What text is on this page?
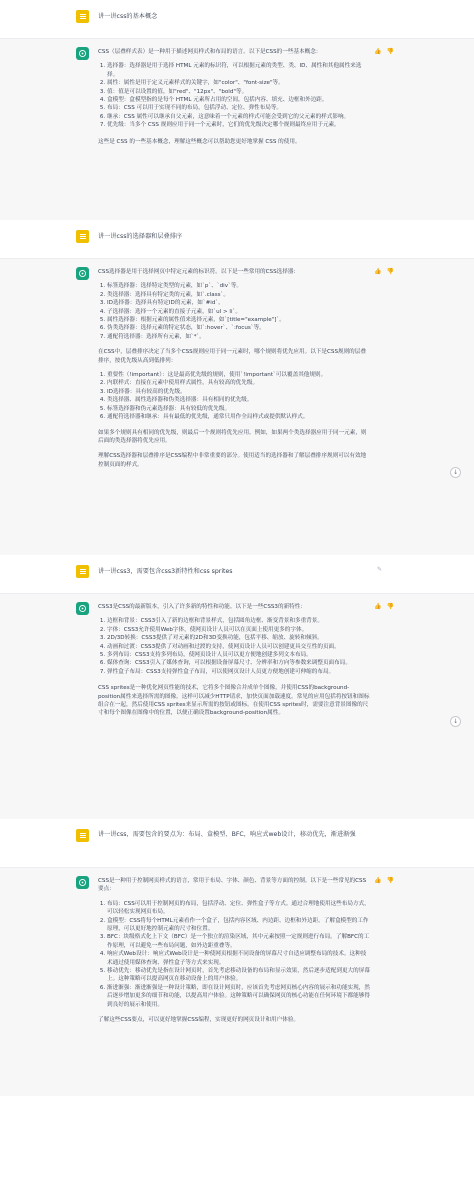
讲一讲css的基本概念
👍 👎

CSS（层叠样式表）是一种用于描述网页样式和布局的语言。以下是CSS的一些基本概念：

1. 选择器：选择器是用于选择 HTML 元素的标识符，可以根据元素的类型、类、ID、属性和其他属性来选择。
2. 属性：属性是用于定义元素样式的关键字，如"color"、"font-size"等。
3. 值：值是可以设置的值，如"red"、"12px"、"bold"等。
4. 盒模型：盒模型指的是每个 HTML 元素所占用的空间，包括内容、填充、边框和外边距。
5. 布局：CSS 可以用于实现不同的布局，包括浮动、定位、弹性布局等。
6. 继承：CSS 属性可以继承自父元素，这意味着一个元素的样式可能会受到它的父元素的样式影响。
7. 优先级：当多个 CSS 规则应用于同一个元素时，它们的优先级决定哪个规则最终应用于元素。

这些是 CSS 的一些基本概念，理解这些概念可以帮助您更好地掌握 CSS 的使用。

讲一讲css的选择器和层叠排序
👍 👎

CSS选择器是用于选择网页中特定元素的标识符。以下是一些常用的CSS选择器：

1. 标签选择器：选择特定类型的元素，如`p`、`div`等。
2. 类选择器：选择具有特定类的元素，如`.class`。
3. ID选择器：选择具有特定ID的元素，如`#id`。
4. 子选择器：选择一个元素的直接子元素，如`ul > li`。
5. 属性选择器：根据元素的属性值来选择元素，如`[title="example"]`。
6. 伪类选择器：选择元素的特定状态，如`:hover`、`:focus`等。
7. 通配符选择器：选择所有元素，如`*`。

在CSS中，层叠排序决定了当多个CSS规则应用于同一元素时，哪个规则将优先应用。以下是CSS规则的层叠排序，按优先级从高到低排列：

1. 重要性（!important）：这是最高优先级的规则，使用`!important`可以覆盖其他规则。
2. 内联样式：直接在元素中使用样式属性，具有较高的优先级。
3. ID选择器：具有较高的优先级。
4. 类选择器、属性选择器和伪类选择器：具有相同的优先级。
5. 标签选择器和伪元素选择器：具有较低的优先级。
6. 通配符选择器和继承：具有最低的优先级，通常只用作全局样式或提供默认样式。

如果多个规则具有相同的优先级，则最后一个规则将优先应用。例如，如果两个类选择器应用于同一元素，则后面的类选择器将优先应用。

理解CSS选择器和层叠排序是CSS编程中非常重要的部分。使用适当的选择器和了解层叠排序规则可以有效地控制页面的样式。

↓
讲一讲css3，需要包含css3新特性和css sprites	✎
👍 👎

CSS3是CSS的最新版本，引入了许多新的特性和功能。以下是一些CSS3的新特性：

1. 边框和背景：CSS3引入了新的边框和背景样式，包括圆角边框、渐变背景和多重背景。
2. 字体：CSS3允许使用Web字体，使网页设计人员可以在页面上使用更多的字体。
3. 2D/3D转换：CSS3提供了对元素的2D和3D变换功能，包括平移、缩放、旋转和倾斜。
4. 动画和过渡：CSS3提供了对动画和过渡的支持，使网页设计人员可以创建更具交互性的页面。
5. 多列布局：CSS3支持多列布局，使网页设计人员可以更方便地创建多列文本布局。
6. 媒体查询：CSS3引入了媒体查询，可以根据设备屏幕尺寸、分辨率和方向等参数来调整页面布局。
7. 弹性盒子布局：CSS3支持弹性盒子布局，可以使网页设计人员更方便地创建可伸缩的布局。

CSS sprites是一种优化网页性能的技术，它将多个图像合并成单个图像，并使用CSS的background-position属性来选择所需的图像。这样可以减少HTTP请求，加快页面加载速度。常见的应用包括将按钮和图标组合在一起，然后使用CSS sprites来显示所需的按钮或图标。在使用CSS sprites时，需要注意背景图像的尺寸和每个图像在图像中的位置，以便正确设置background-position属性。

↓
讲一讲css，需要包含的要点为：布局、盒模型、BFC，响应式web设计，移动优先，渐进渐强
👍 👎

CSS是一种用于控制网页样式的语言，常用于布局、字体、颜色、背景等方面的控制。以下是一些常见的CSS要点：

1. 布局：CSS可以用于控制网页的布局，包括浮动、定位、弹性盒子等方式。通过合理地使用这些布局方式，可以轻松实现网页布局。
2. 盒模型：CSS将每个HTML元素看作一个盒子，包括内容区域、内边距、边框和外边距。了解盒模型的工作原理，可以更好地控制元素的尺寸和位置。
3. BFC：块级格式化上下文（BFC）是一个独立的渲染区域，其中元素按照一定规则进行布局。了解BFC的工作原理，可以避免一些布局问题，如外边距重叠等。
4. 响应式Web设计：响应式Web设计是一种使网页根据不同设备的屏幕尺寸自适应调整布局的技术。这种技术通过使用媒体查询、弹性盒子等方式来实现。
5. 移动优先：移动优先是指在设计网页时，首先考虑移动设备的布局和显示效果，然后逐步适配到更大的屏幕上。这种策略可以提高网页在移动设备上的用户体验。
6. 渐进渐强：渐进渐强是一种设计策略，即在设计网页时，应该首先考虑网页核心内容的展示和功能实现，然后逐步增加更多的细节和功能，以提高用户体验。这种策略可以确保网页的核心功能在任何环境下都能够得到良好的展示和使用。

了解这些CSS要点，可以更好地掌握CSS编程，实现更好的网页设计和用户体验。
